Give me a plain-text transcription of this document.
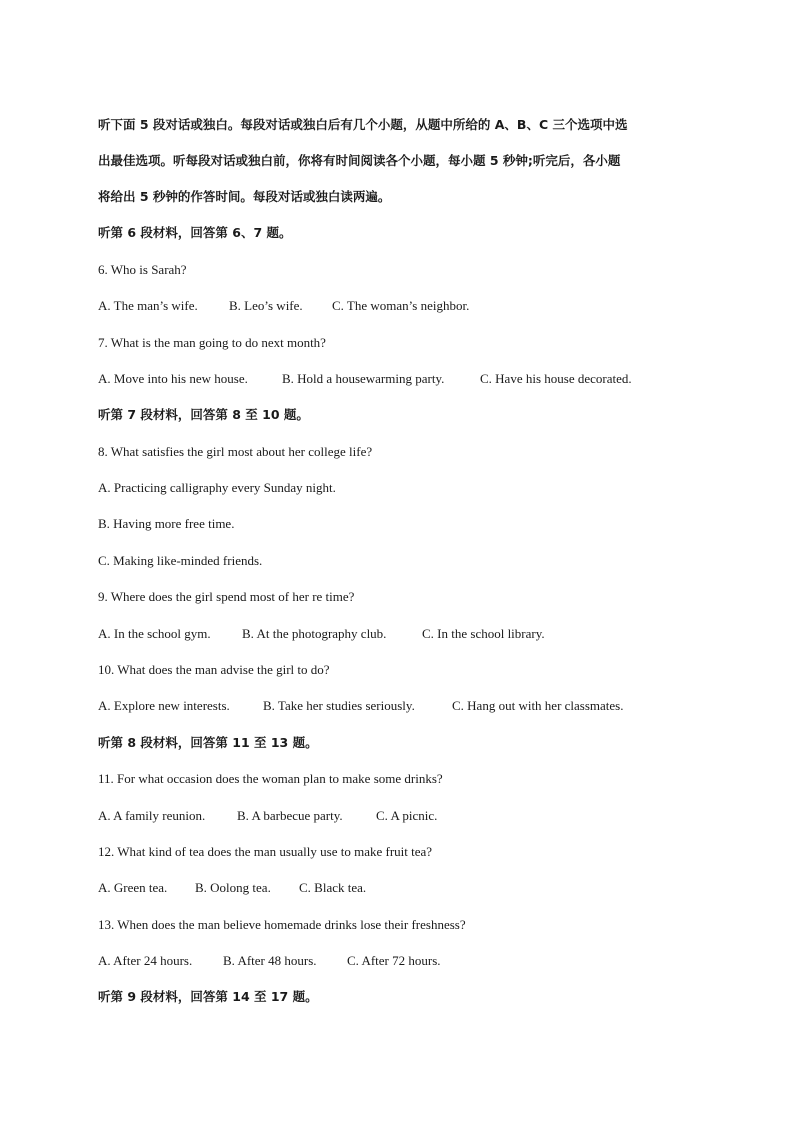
听下面 5 段对话或独白。每段对话或独白后有几个小题，从题中所给的 A、B、C 三个选项中选
出最佳选项。听每段对话或独白前，你将有时间阅读各个小题，每小题 5 秒钟;听完后，各小题
将给出 5 秒钟的作答时间。每段对话或独白读两遍。
听第 6 段材料，回答第 6、7 题。
6. Who is Sarah?
A. The man’s wife. B. Leo’s wife. C. The woman’s neighbor.
7. What is the man going to do next month?
A. Move into his new house.	B. Hold a housewarming party.	C. Have his house decorated.
听第 7 段材料，回答第 8 至 10 题。
8. What satisfies the girl most about her college life?
A. Practicing calligraphy every Sunday night.
B. Having more free time.
C. Making like-minded friends.
9. Where does the girl spend most of her re time?
A. In the school gym. B. At the photography club.	C. In the school library.
10. What does the man advise the girl to do?
A. Explore new interests.	B. Take her studies seriously.	C. Hang out with her classmates.
听第 8 段材料，回答第 11 至 13 题。
11. For what occasion does the woman plan to make some drinks?
A. A family reunion. B. A barbecue party.	C. A picnic.
12. What kind of tea does the man usually use to make fruit tea?
A. Green tea. B. Oolong tea. C. Black tea.
13. When does the man believe homemade drinks lose their freshness?
A. After 24 hours. B. After 48 hours. C. After 72 hours.
听第 9 段材料，回答第 14 至 17 题。
